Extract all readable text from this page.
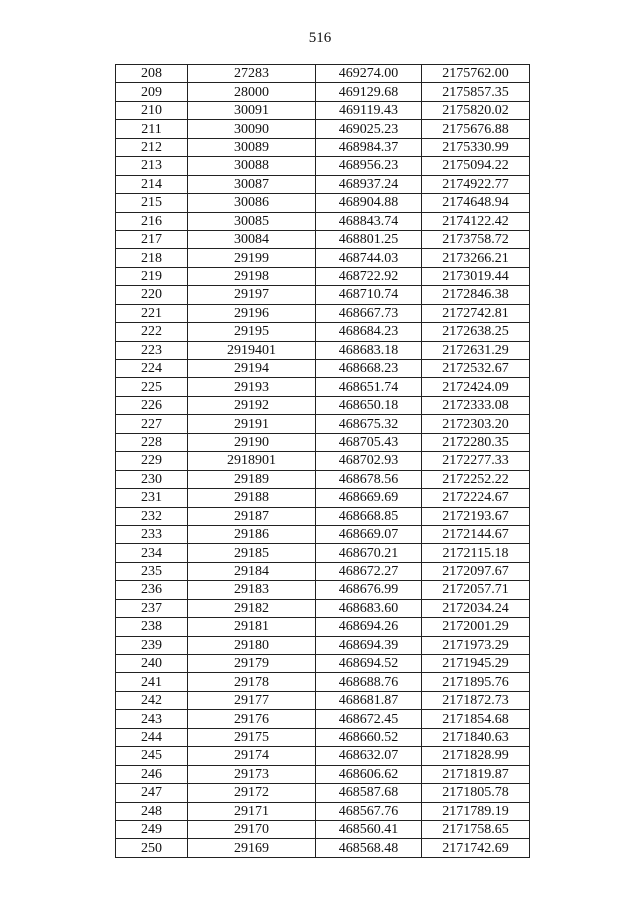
516
208	27283	469274.00	2175762.00
209	28000	469129.68	2175857.35
210	30091	469119.43	2175820.02
211	30090	469025.23	2175676.88
212	30089	468984.37	2175330.99
213	30088	468956.23	2175094.22
214	30087	468937.24	2174922.77
215	30086	468904.88	2174648.94
216	30085	468843.74	2174122.42
217	30084	468801.25	2173758.72
218	29199	468744.03	2173266.21
219	29198	468722.92	2173019.44
220	29197	468710.74	2172846.38
221	29196	468667.73	2172742.81
222	29195	468684.23	2172638.25
223	2919401	468683.18	2172631.29
224	29194	468668.23	2172532.67
225	29193	468651.74	2172424.09
226	29192	468650.18	2172333.08
227	29191	468675.32	2172303.20
228	29190	468705.43	2172280.35
229	2918901	468702.93	2172277.33
230	29189	468678.56	2172252.22
231	29188	468669.69	2172224.67
232	29187	468668.85	2172193.67
233	29186	468669.07	2172144.67
234	29185	468670.21	2172115.18
235	29184	468672.27	2172097.67
236	29183	468676.99	2172057.71
237	29182	468683.60	2172034.24
238	29181	468694.26	2172001.29
239	29180	468694.39	2171973.29
240	29179	468694.52	2171945.29
241	29178	468688.76	2171895.76
242	29177	468681.87	2171872.73
243	29176	468672.45	2171854.68
244	29175	468660.52	2171840.63
245	29174	468632.07	2171828.99
246	29173	468606.62	2171819.87
247	29172	468587.68	2171805.78
248	29171	468567.76	2171789.19
249	29170	468560.41	2171758.65
250	29169	468568.48	2171742.69
